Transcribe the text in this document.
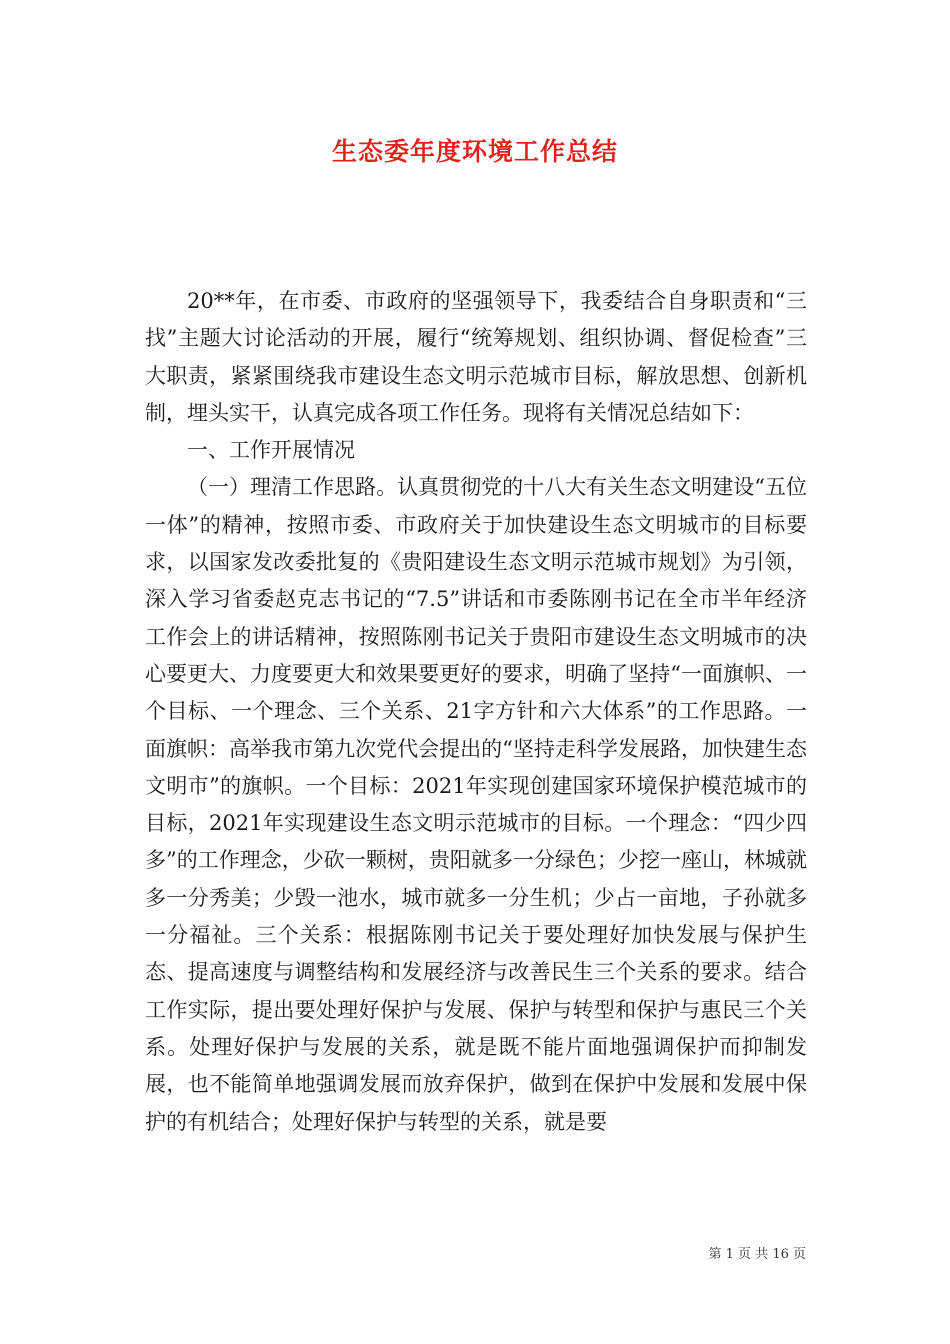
生态委年度环境工作总结

20**年，在市委、市政府的坚强领导下，我委结合自身职责和“三找”主题大讨论活动的开展，履行“统筹规划、组织协调、督促检查”三大职责，紧紧围绕我市建设生态文明示范城市目标，解放思想、创新机制，埋头实干，认真完成各项工作任务。现将有关情况总结如下：

一、工作开展情况

（一）理清工作思路。认真贯彻党的十八大有关生态文明建设“五位一体”的精神，按照市委、市政府关于加快建设生态文明城市的目标要求，以国家发改委批复的《贵阳建设生态文明示范城市规划》为引领，深入学习省委赵克志书记的“7.5”讲话和市委陈刚书记在全市半年经济工作会上的讲话精神，按照陈刚书记关于贵阳市建设生态文明城市的决心要更大、力度要更大和效果要更好的要求，明确了坚持“一面旗帜、一个目标、一个理念、三个关系、21字方针和六大体系”的工作思路。一面旗帜：高举我市第九次党代会提出的“坚持走科学发展路，加快建生态文明市”的旗帜。一个目标：2021年实现创建国家环境保护模范城市的目标，2021年实现建设生态文明示范城市的目标。一个理念：“四少四多”的工作理念，少砍一颗树，贵阳就多一分绿色；少挖一座山，林城就多一分秀美；少毁一池水，城市就多一分生机；少占一亩地，子孙就多一分福祉。三个关系：根据陈刚书记关于要处理好加快发展与保护生态、提高速度与调整结构和发展经济与改善民生三个关系的要求。结合工作实际，提出要处理好保护与发展、保护与转型和保护与惠民三个关系。处理好保护与发展的关系，就是既不能片面地强调保护而抑制发展，也不能简单地强调发展而放弃保护，做到在保护中发展和发展中保护的有机结合；处理好保护与转型的关系，就是要

第 1 页 共 16 页
